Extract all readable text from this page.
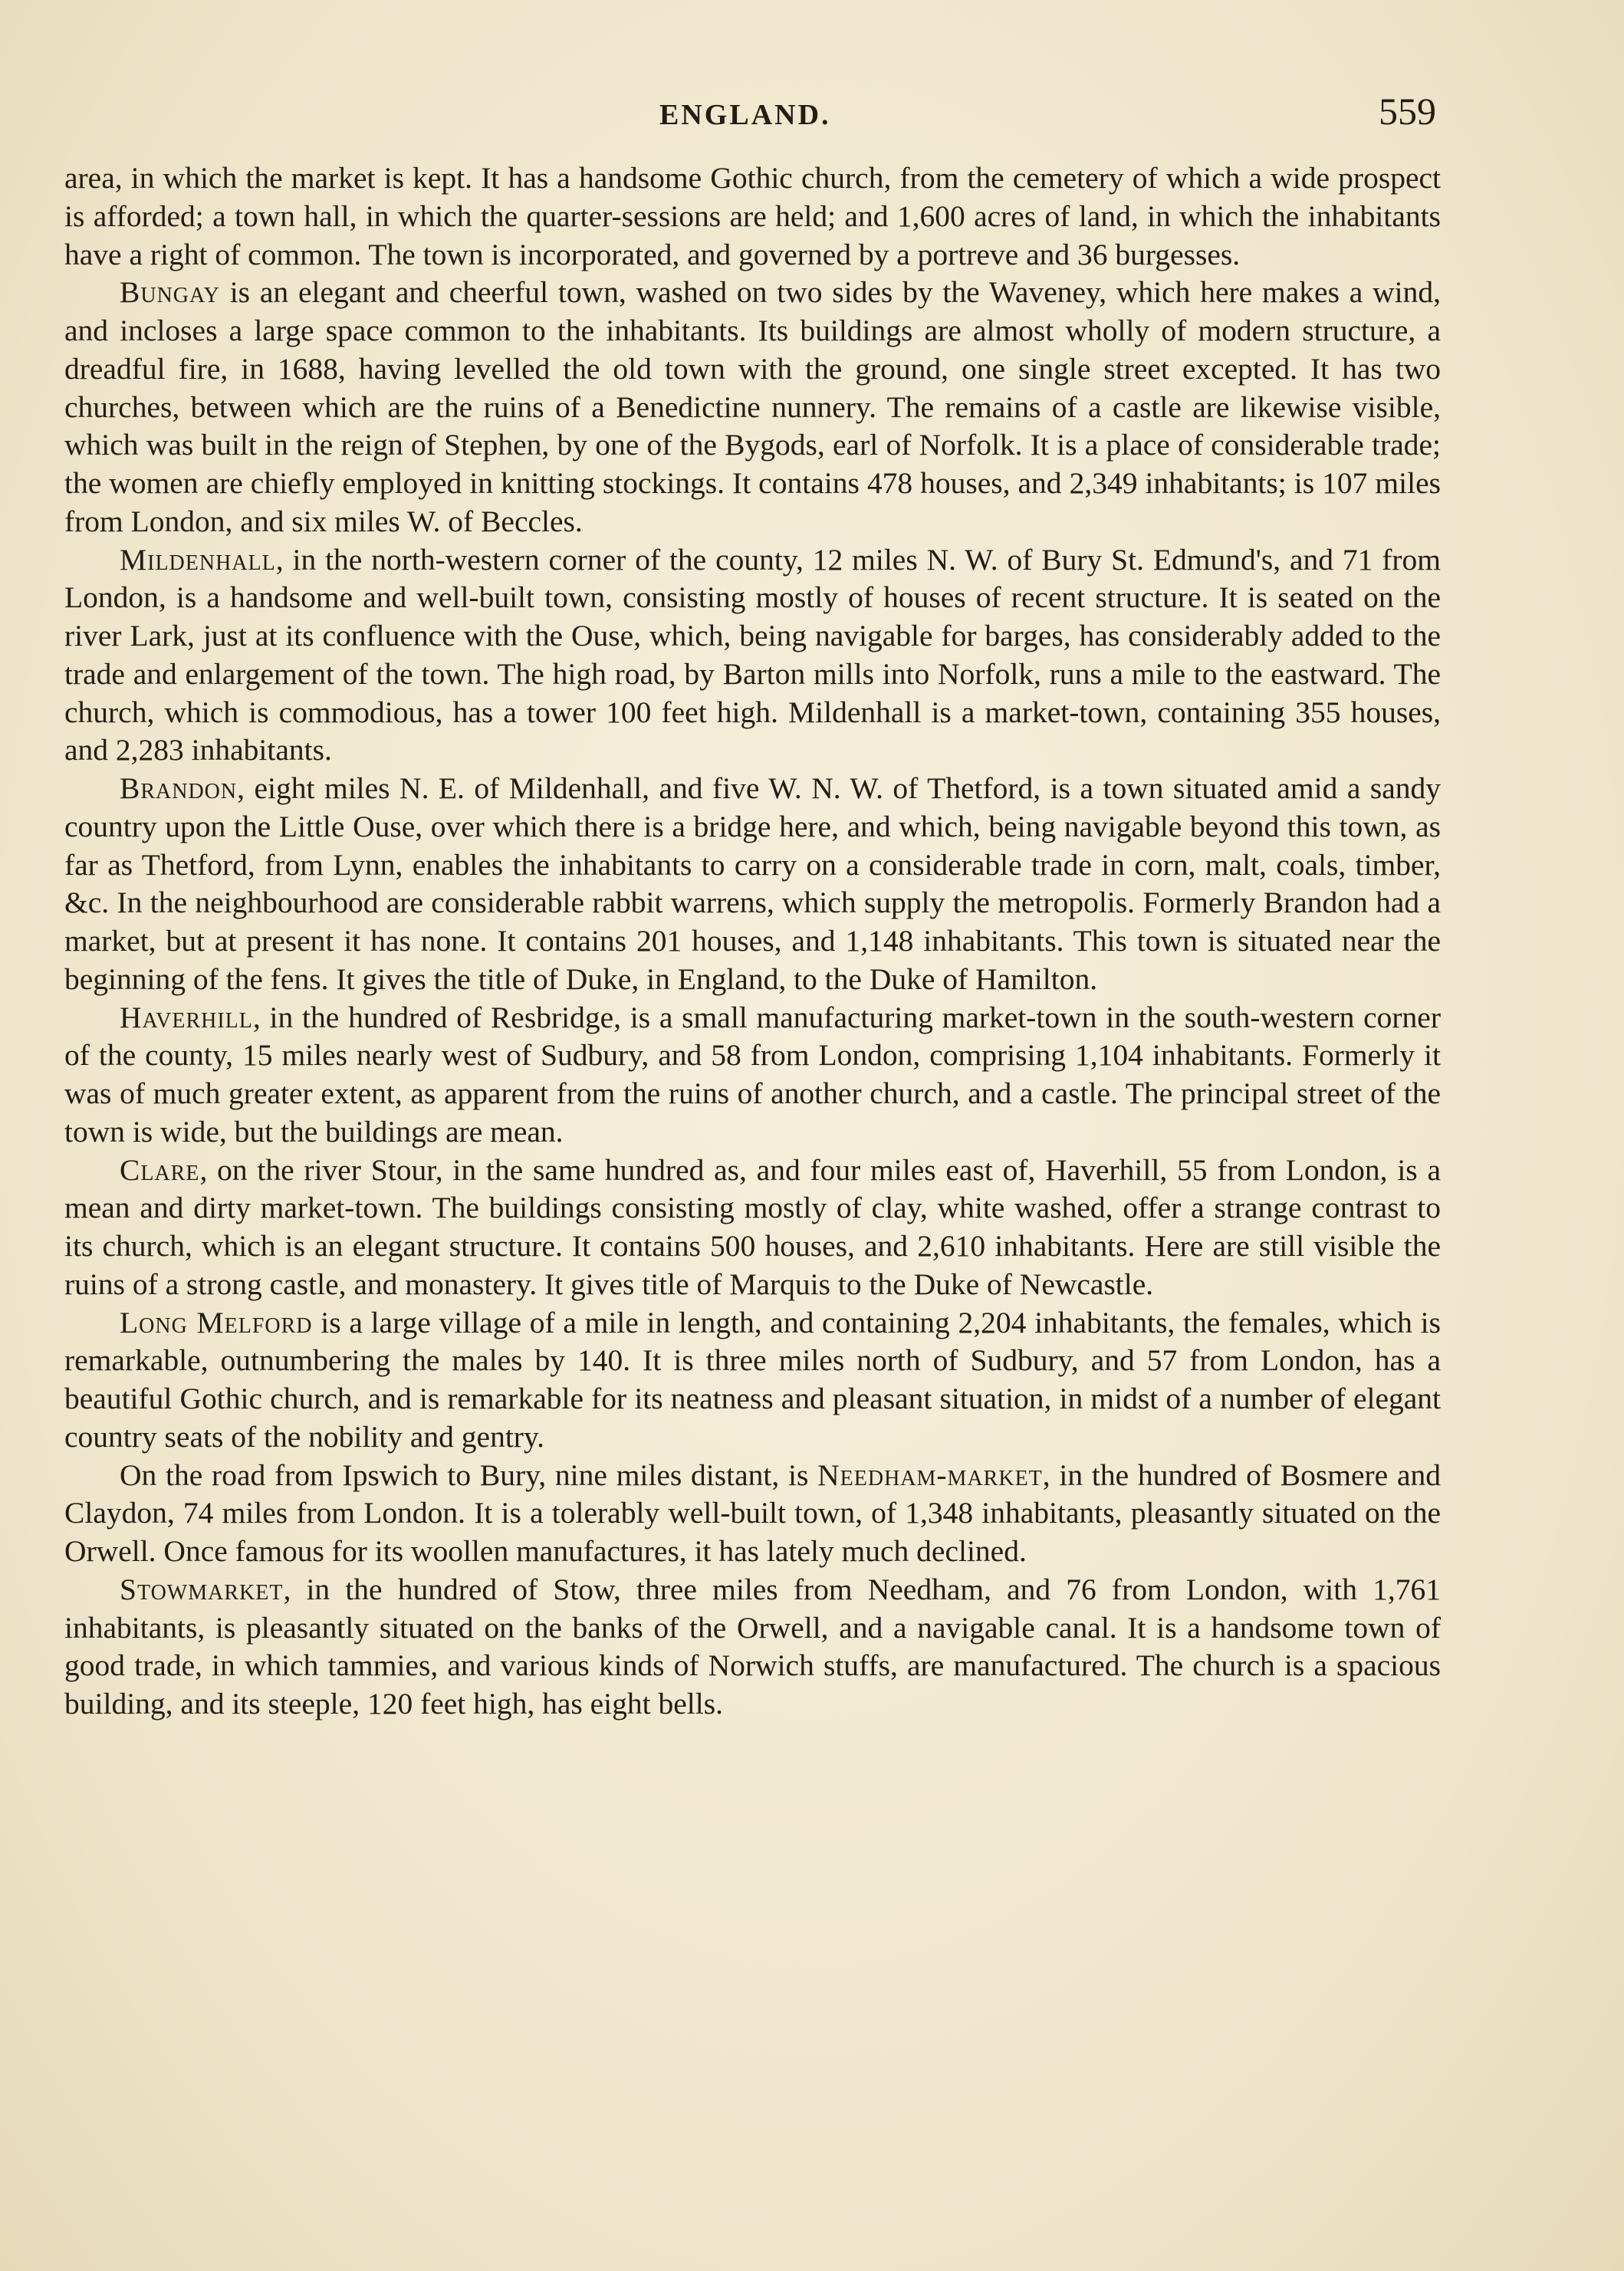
ENGLAND.	559

area, in which the market is kept. It has a handsome Gothic church, from the cemetery of which a wide prospect is afforded; a town hall, in which the quarter-sessions are held; and 1,600 acres of land, in which the inhabitants have a right of common. The town is incorporated, and governed by a portreve and 36 burgesses.

Bungay is an elegant and cheerful town, washed on two sides by the Waveney, which here makes a wind, and incloses a large space common to the inhabitants. Its buildings are almost wholly of modern structure, a dreadful fire, in 1688, having levelled the old town with the ground, one single street excepted. It has two churches, between which are the ruins of a Benedictine nunnery. The remains of a castle are likewise visible, which was built in the reign of Stephen, by one of the Bygods, earl of Norfolk. It is a place of considerable trade; the women are chiefly employed in knitting stockings. It contains 478 houses, and 2,349 inhabitants; is 107 miles from London, and six miles W. of Beccles.

Mildenhall, in the north-western corner of the county, 12 miles N. W. of Bury St. Edmund's, and 71 from London, is a handsome and well-built town, consisting mostly of houses of recent structure. It is seated on the river Lark, just at its confluence with the Ouse, which, being navigable for barges, has considerably added to the trade and enlargement of the town. The high road, by Barton mills into Norfolk, runs a mile to the eastward. The church, which is commodious, has a tower 100 feet high. Mildenhall is a market-town, containing 355 houses, and 2,283 inhabitants.

Brandon, eight miles N. E. of Mildenhall, and five W. N. W. of Thetford, is a town situated amid a sandy country upon the Little Ouse, over which there is a bridge here, and which, being navigable beyond this town, as far as Thetford, from Lynn, enables the inhabitants to carry on a considerable trade in corn, malt, coals, timber, &c. In the neighbourhood are considerable rabbit warrens, which supply the metropolis. Formerly Brandon had a market, but at present it has none. It contains 201 houses, and 1,148 inhabitants. This town is situated near the beginning of the fens. It gives the title of Duke, in England, to the Duke of Hamilton.

Haverhill, in the hundred of Resbridge, is a small manufacturing market-town in the south-western corner of the county, 15 miles nearly west of Sudbury, and 58 from London, comprising 1,104 inhabitants. Formerly it was of much greater extent, as apparent from the ruins of another church, and a castle. The principal street of the town is wide, but the buildings are mean.

Clare, on the river Stour, in the same hundred as, and four miles east of, Haverhill, 55 from London, is a mean and dirty market-town. The buildings consisting mostly of clay, white washed, offer a strange contrast to its church, which is an elegant structure. It contains 500 houses, and 2,610 inhabitants. Here are still visible the ruins of a strong castle, and monastery. It gives title of Marquis to the Duke of Newcastle.

Long Melford is a large village of a mile in length, and containing 2,204 inhabitants, the females, which is remarkable, outnumbering the males by 140. It is three miles north of Sudbury, and 57 from London, has a beautiful Gothic church, and is remarkable for its neatness and pleasant situation, in midst of a number of elegant country seats of the nobility and gentry.

On the road from Ipswich to Bury, nine miles distant, is Needham-market, in the hundred of Bosmere and Claydon, 74 miles from London. It is a tolerably well-built town, of 1,348 inhabitants, pleasantly situated on the Orwell. Once famous for its woollen manufactures, it has lately much declined.

Stowmarket, in the hundred of Stow, three miles from Needham, and 76 from London, with 1,761 inhabitants, is pleasantly situated on the banks of the Orwell, and a navigable canal. It is a handsome town of good trade, in which tammies, and various kinds of Norwich stuffs, are manufactured. The church is a spacious building, and its steeple, 120 feet high, has eight bells.
